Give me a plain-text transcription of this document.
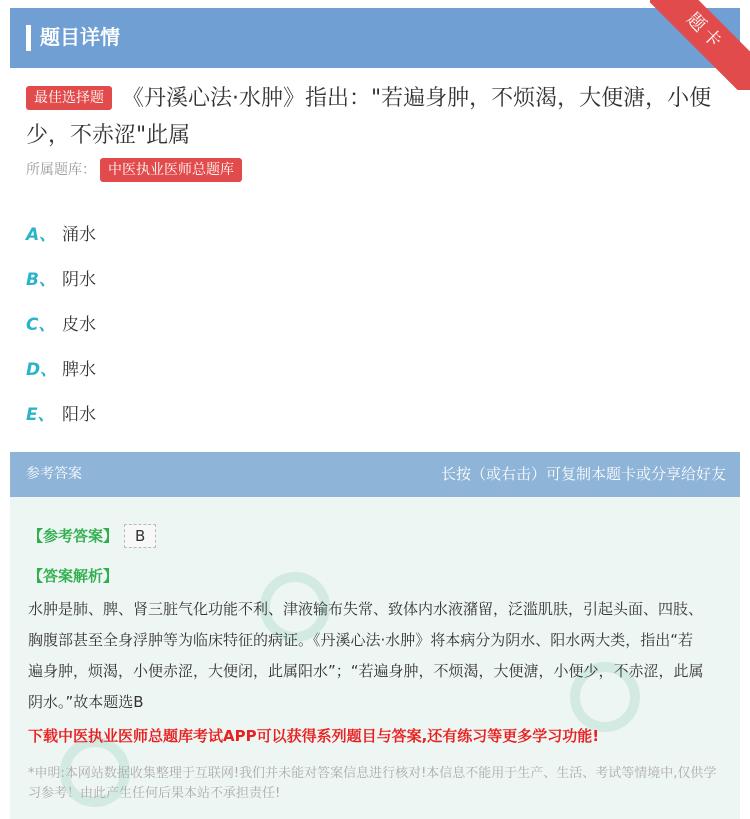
题目详情	题卡
最佳选择题 《丹溪心法·水肿》指出："若遍身肿，不烦渴，大便溏，小便少，不赤涩"此属
所属题库： 中医执业医师总题库
A、 涌水
B、 阴水
C、 皮水
D、 脾水
E、 阳水
参考答案	长按（或右击）可复制本题卡或分享给好友
【参考答案】 B
【答案解析】
水肿是肺、脾、肾三脏气化功能不利、津液输布失常、致体内水液潴留，泛滥肌肤，引起头面、四肢、胸腹部甚至全身浮肿等为临床特征的病证。《丹溪心法·水肿》将本病分为阴水、阳水两大类，指出“若遍身肿，烦渴，小便赤涩，大便闭，此属阳水”；“若遍身肿，不烦渴，大便溏，小便少，不赤涩，此属阴水。”故本题选B
下载中医执业医师总题库考试APP可以获得系列题目与答案,还有练习等更多学习功能!
*申明:本网站数据收集整理于互联网!我们并未能对答案信息进行核对!本信息不能用于生产、生活、考试等情境中,仅供学习参考！由此产生任何后果本站不承担责任!
